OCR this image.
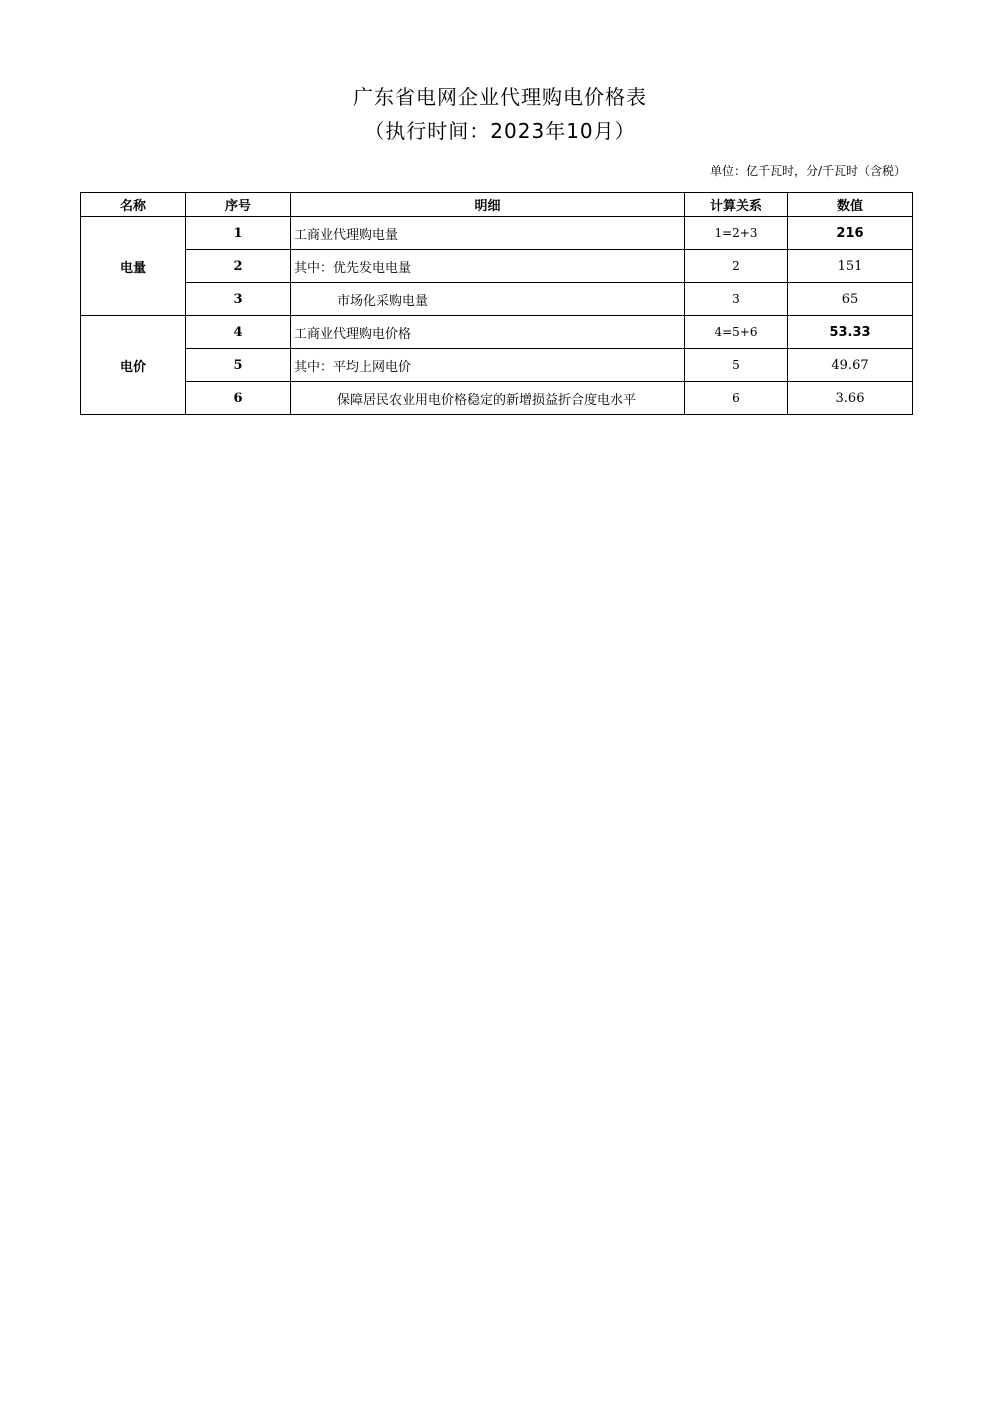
广东省电网企业代理购电价格表
（执行时间：2023年10月）
单位：亿千瓦时，分/千瓦时（含税）
名称	序号	明细	计算关系	数值
电量	1	工商业代理购电量	1=2+3	216
	2	其中：优先发电电量	2	151
	3	市场化采购电量	3	65
电价	4	工商业代理购电价格	4=5+6	53.33
	5	其中：平均上网电价	5	49.67
	6	保障居民农业用电价格稳定的新增损益折合度电水平	6	3.66
